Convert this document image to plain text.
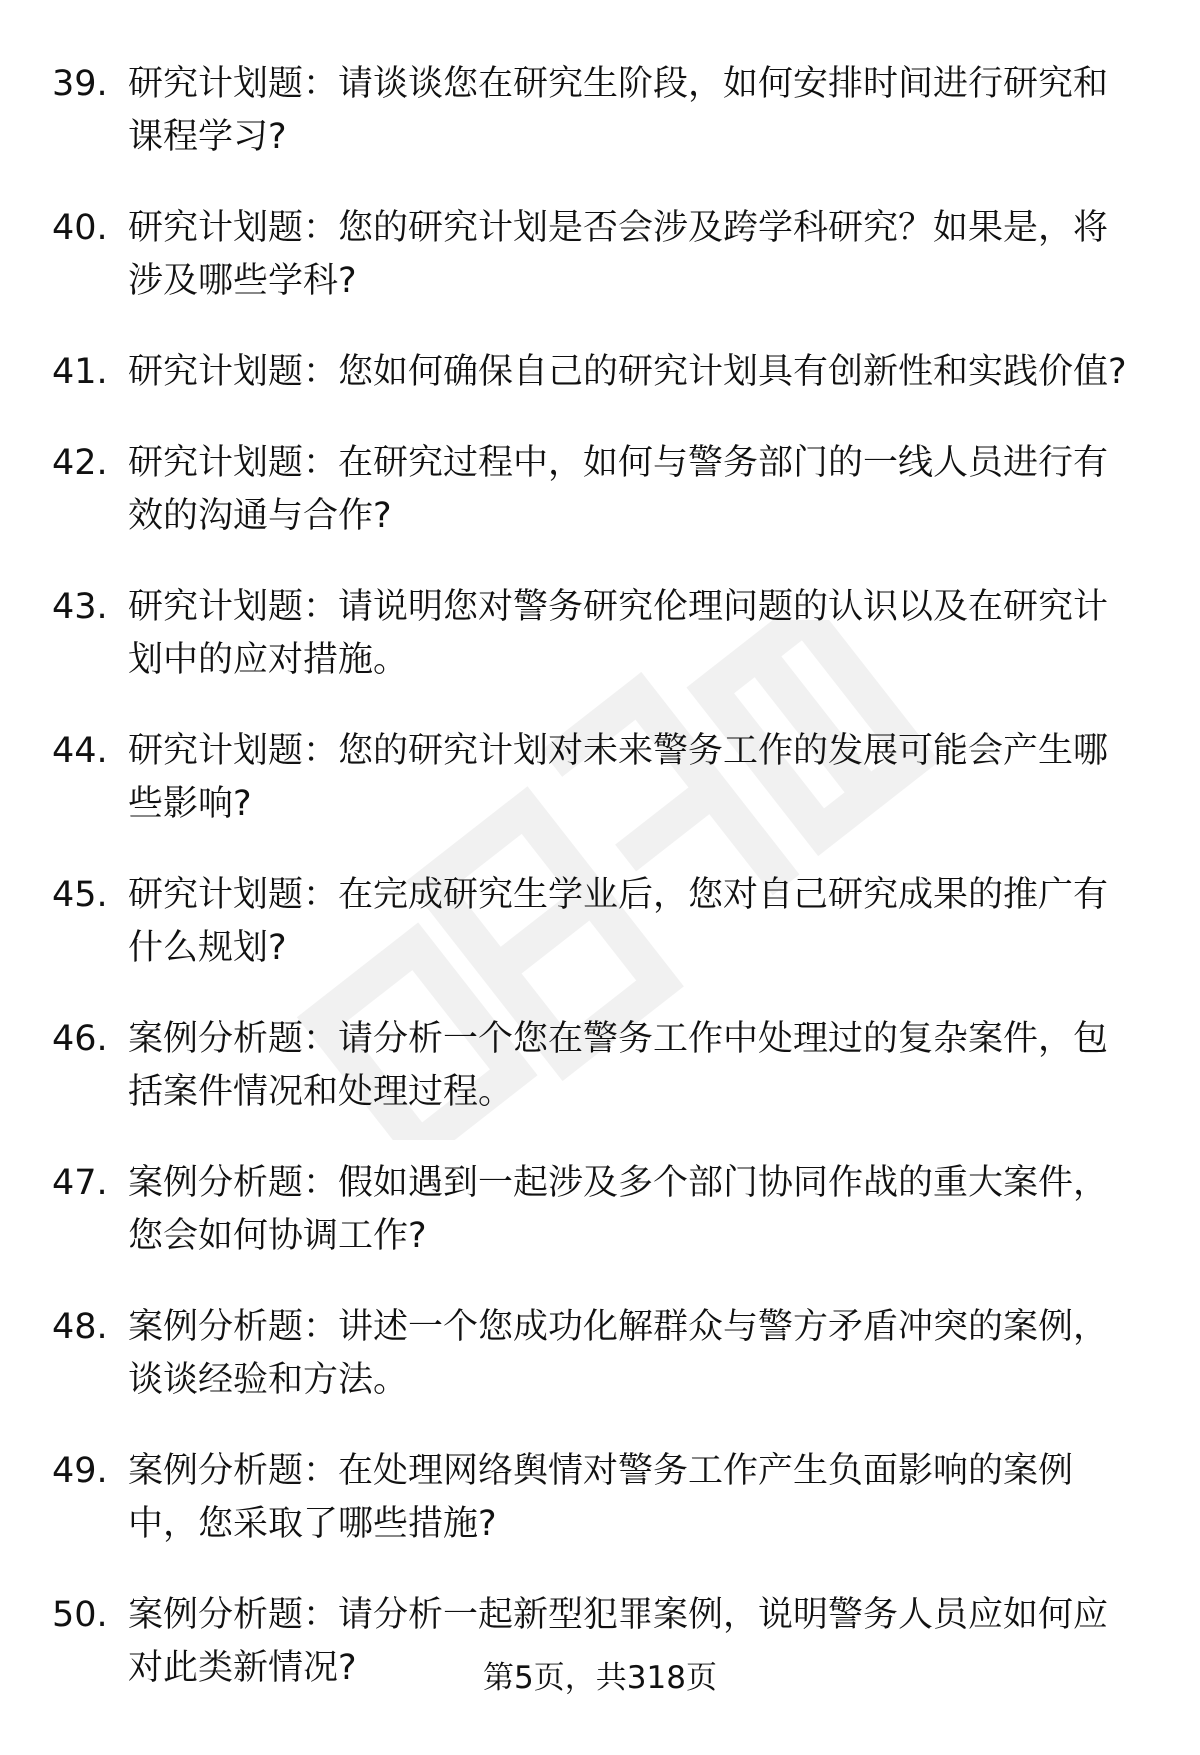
39. 研究计划题：请谈谈您在研究生阶段，如何安排时间进行研究和课程学习?
40. 研究计划题：您的研究计划是否会涉及跨学科研究？如果是，将涉及哪些学科?
41. 研究计划题：您如何确保自己的研究计划具有创新性和实践价值?
42. 研究计划题：在研究过程中，如何与警务部门的一线人员进行有效的沟通与合作?
43. 研究计划题：请说明您对警务研究伦理问题的认识以及在研究计划中的应对措施。
44. 研究计划题：您的研究计划对未来警务工作的发展可能会产生哪些影响?
45. 研究计划题：在完成研究生学业后，您对自己研究成果的推广有什么规划?
46. 案例分析题：请分析一个您在警务工作中处理过的复杂案件，包括案件情况和处理过程。
47. 案例分析题：假如遇到一起涉及多个部门协同作战的重大案件，您会如何协调工作?
48. 案例分析题：讲述一个您成功化解群众与警方矛盾冲突的案例，谈谈经验和方法。
49. 案例分析题：在处理网络舆情对警务工作产生负面影响的案例中，您采取了哪些措施?
50. 案例分析题：请分析一起新型犯罪案例，说明警务人员应如何应对此类新情况?	第5页，共318页
